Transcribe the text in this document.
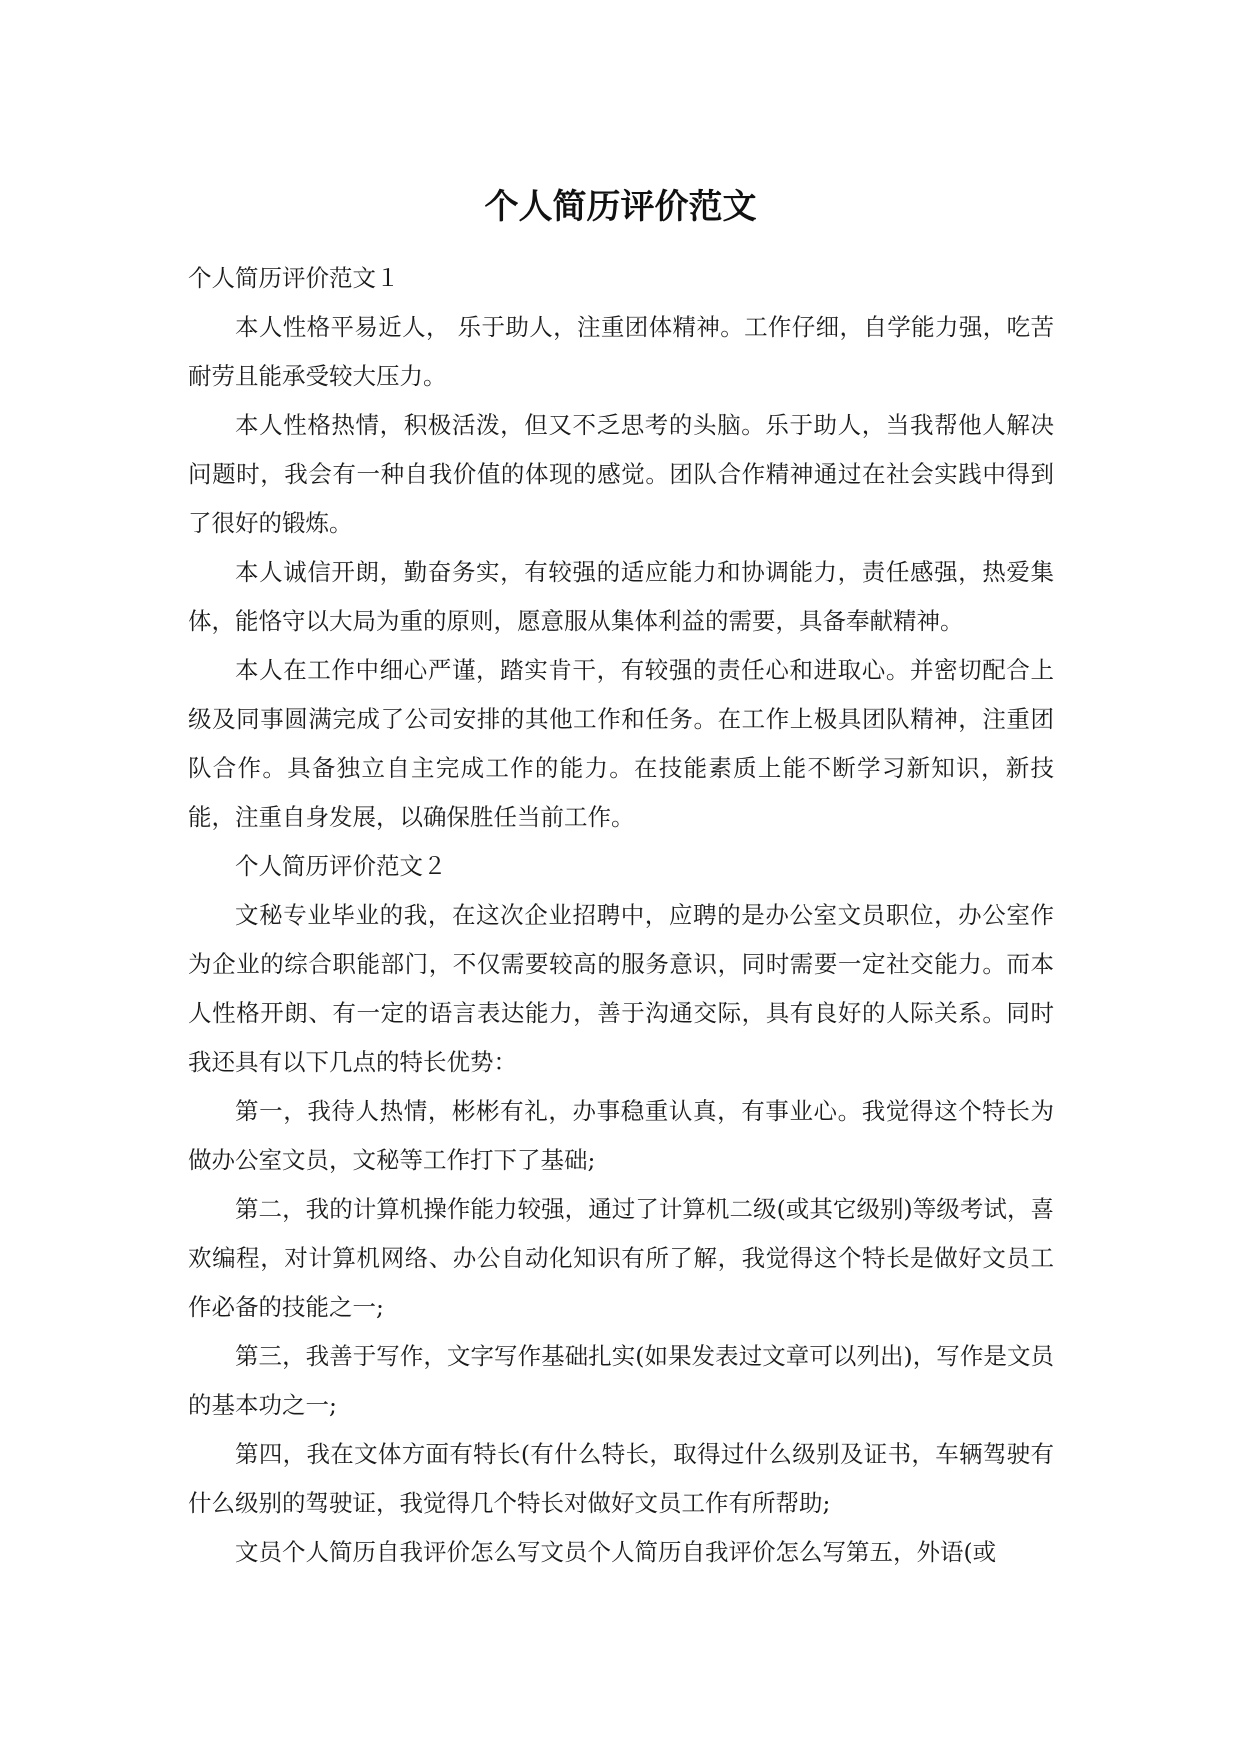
个人简历评价范文

个人简历评价范文１

本人性格平易近人， 乐于助人，注重团体精神。工作仔细，自学能力强，吃苦耐劳且能承受较大压力。

本人性格热情，积极活泼，但又不乏思考的头脑。乐于助人，当我帮他人解决问题时，我会有一种自我价值的体现的感觉。团队合作精神通过在社会实践中得到了很好的锻炼。

本人诚信开朗，勤奋务实，有较强的适应能力和协调能力，责任感强，热爱集体，能恪守以大局为重的原则，愿意服从集体利益的需要，具备奉献精神。

本人在工作中细心严谨，踏实肯干，有较强的责任心和进取心。并密切配合上级及同事圆满完成了公司安排的其他工作和任务。在工作上极具团队精神，注重团队合作。具备独立自主完成工作的能力。在技能素质上能不断学习新知识，新技能，注重自身发展，以确保胜任当前工作。

个人简历评价范文２

文秘专业毕业的我，在这次企业招聘中，应聘的是办公室文员职位，办公室作为企业的综合职能部门，不仅需要较高的服务意识，同时需要一定社交能力。而本人性格开朗、有一定的语言表达能力，善于沟通交际，具有良好的人际关系。同时我还具有以下几点的特长优势：

第一，我待人热情，彬彬有礼，办事稳重认真，有事业心。我觉得这个特长为做办公室文员，文秘等工作打下了基础;

第二，我的计算机操作能力较强，通过了计算机二级(或其它级别)等级考试，喜欢编程，对计算机网络、办公自动化知识有所了解，我觉得这个特长是做好文员工作必备的技能之一;

第三，我善于写作，文字写作基础扎实(如果发表过文章可以列出)，写作是文员的基本功之一;

第四，我在文体方面有特长(有什么特长，取得过什么级别及证书，车辆驾驶有什么级别的驾驶证，我觉得几个特长对做好文员工作有所帮助;

文员个人简历自我评价怎么写文员个人简历自我评价怎么写第五，外语(或
